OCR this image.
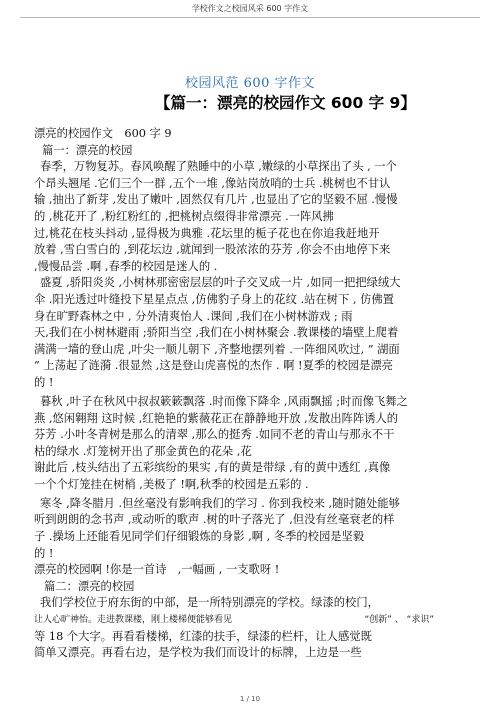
学校作文之校园风采 600 字作文
校园风范 600 字作文
【篇一：漂亮的校园作文 600 字 9】
漂亮的校园作文　600 字 9
篇一：漂亮的校园
春季，万物复苏。春风唤醒了熟睡中的小草 ,嫩绿的小草探出了头 , 一个
个昂头翘尾 .它们三个一群 ,五个一堆 ,像站岗放哨的士兵 .桃树也不甘认
输 ,抽出了新芽 ,发出了嫩叶 ,固然仅有几片 ,也显出了它的坚毅不屈 .慢慢
的 ,桃花开了 ,粉红粉红的 ,把桃树点缀得非常漂亮 .一阵风拂
过,桃花在枝头抖动 ,显得极为典雅 .花坛里的栀子花也在你追我赶地开
放着 ,雪白雪白的 ,到花坛边 ,就闻到一股浓浓的芬芳 ,你会不由地停下来
,慢慢品尝 .啊 ,春季的校园是迷人的 .
盛夏 ,骄阳炎炎 ,小树林那密密层层的叶子交叉成一片 ,如同一把把绿绒大
伞 .阳光透过叶缝投下星星点点 ,仿佛豹子身上的花纹 .站在树下 , 仿佛置
身在旷野森林之中 , 分外清爽怡人 .课间 ,我们在小树林游戏 ; 雨
天,我们在小树林避雨 ;骄阳当空 ,我们在小树林聚会 .教课楼的墙壁上爬着
满满一墙的登山虎 ,叶尖一顺儿朝下 ,齐整地摆列着 .一阵细风吹过, ” 湖面
” 上荡起了涟漪 .很显然 ,这是登山虎喜悦的杰作 . 啊 !夏季的校园是漂亮
的 !
暮秋 ,叶子在秋风中叔叔簌簌飘落 .时而像下降伞 ,风雨飘摇 ;时而像飞舞之
燕 ,悠闲翱翔 这时候 ,红艳艳的紫薇花正在静静地开放 ,发散出阵阵诱人的
芬芳 .小叶冬青树是那么的清翠 ,那么的挺秀 .如同不老的青山与那永不干
枯的绿水 .灯笼树开出了那金黄色的花朵 ,花
谢此后 ,枝头结出了五彩缤纷的果实 ,有的黄是带绿 ,有的黄中透红 ,真像
一个个灯笼挂在树梢 ,美极了 !啊,秋季的校园是五彩的 .
寒冬 ,降冬腊月 .但丝毫没有影响我们的学习 . 你到我校来 ,随时随处能够
听到朗朗的念书声 ,或动听的歌声 .树的叶子落光了 ,但没有丝毫衰老的样
子 .操场上还能看见同学们仔细锻炼的身影 ,啊 , 冬季的校园是坚毅
的 !
漂亮的校园啊 !你是一首诗　,一幅画 , 一支歌呀 !
篇二：漂亮的校园
我们学校位于府东街的中部，是一所特别漂亮的学校。绿漆的校门，
让人心旷神怡。走进教课楼，刚上楼梯便能够看见	“创新” 、 “求识”
等 18 个大字。再看看楼梯，红漆的扶手，绿漆的栏杆，让人感觉既
简单又漂亮。再看右边，是学校为我们而设计的标牌，上边是一些
1 / 10
